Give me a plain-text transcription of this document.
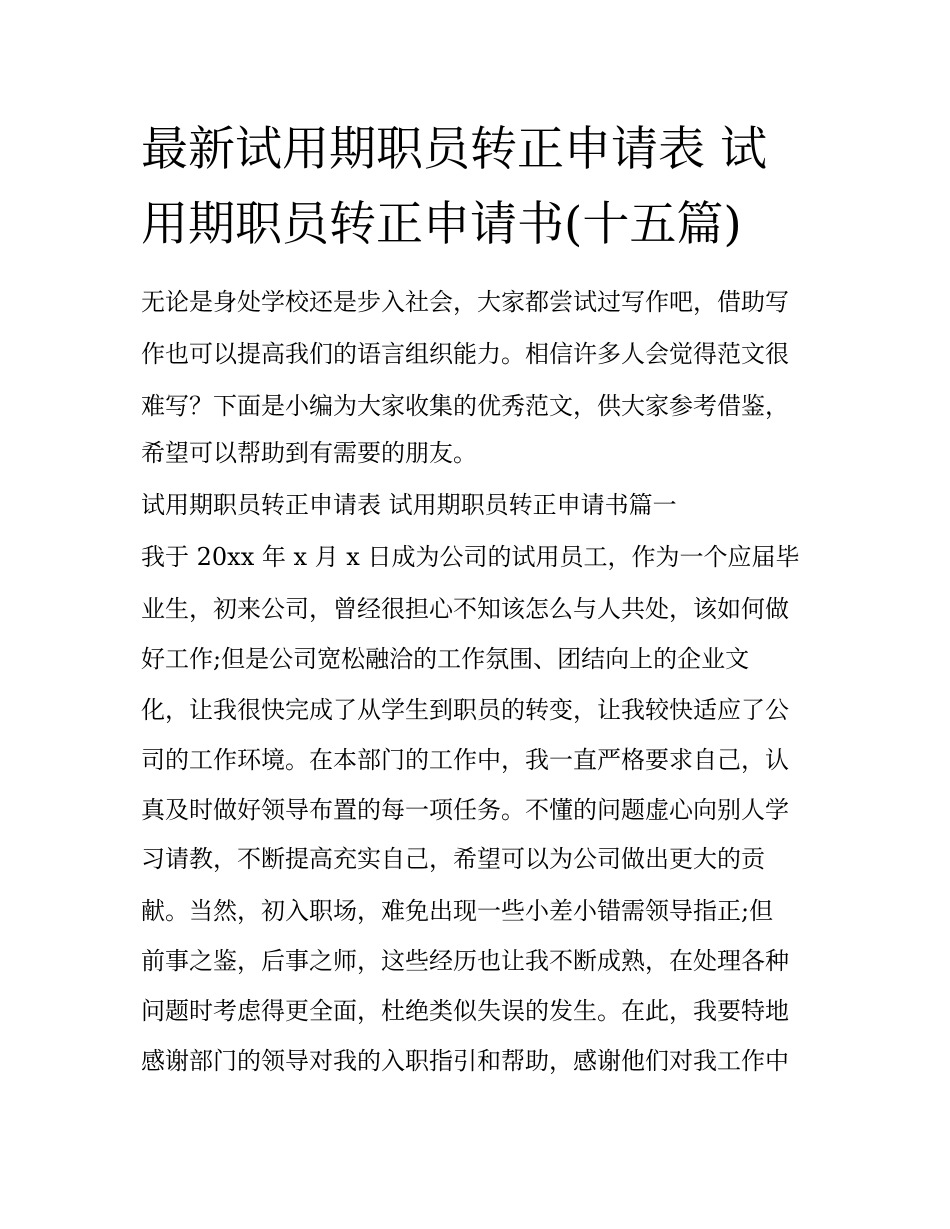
最新试用期职员转正申请表 试
用期职员转正申请书(十五篇)
无论是身处学校还是步入社会，大家都尝试过写作吧，借助写
作也可以提高我们的语言组织能力。相信许多人会觉得范文很
难写？下面是小编为大家收集的优秀范文，供大家参考借鉴，
希望可以帮助到有需要的朋友。
试用期职员转正申请表 试用期职员转正申请书篇一
我于 20xx 年 x 月 x 日成为公司的试用员工，作为一个应届毕
业生，初来公司，曾经很担心不知该怎么与人共处，该如何做
好工作;但是公司宽松融洽的工作氛围、团结向上的企业文
化，让我很快完成了从学生到职员的转变，让我较快适应了公
司的工作环境。在本部门的工作中，我一直严格要求自己，认
真及时做好领导布置的每一项任务。不懂的问题虚心向别人学
习请教，不断提高充实自己，希望可以为公司做出更大的贡
献。当然，初入职场，难免出现一些小差小错需领导指正;但
前事之鉴，后事之师，这些经历也让我不断成熟，在处理各种
问题时考虑得更全面，杜绝类似失误的发生。在此，我要特地
感谢部门的领导对我的入职指引和帮助，感谢他们对我工作中
